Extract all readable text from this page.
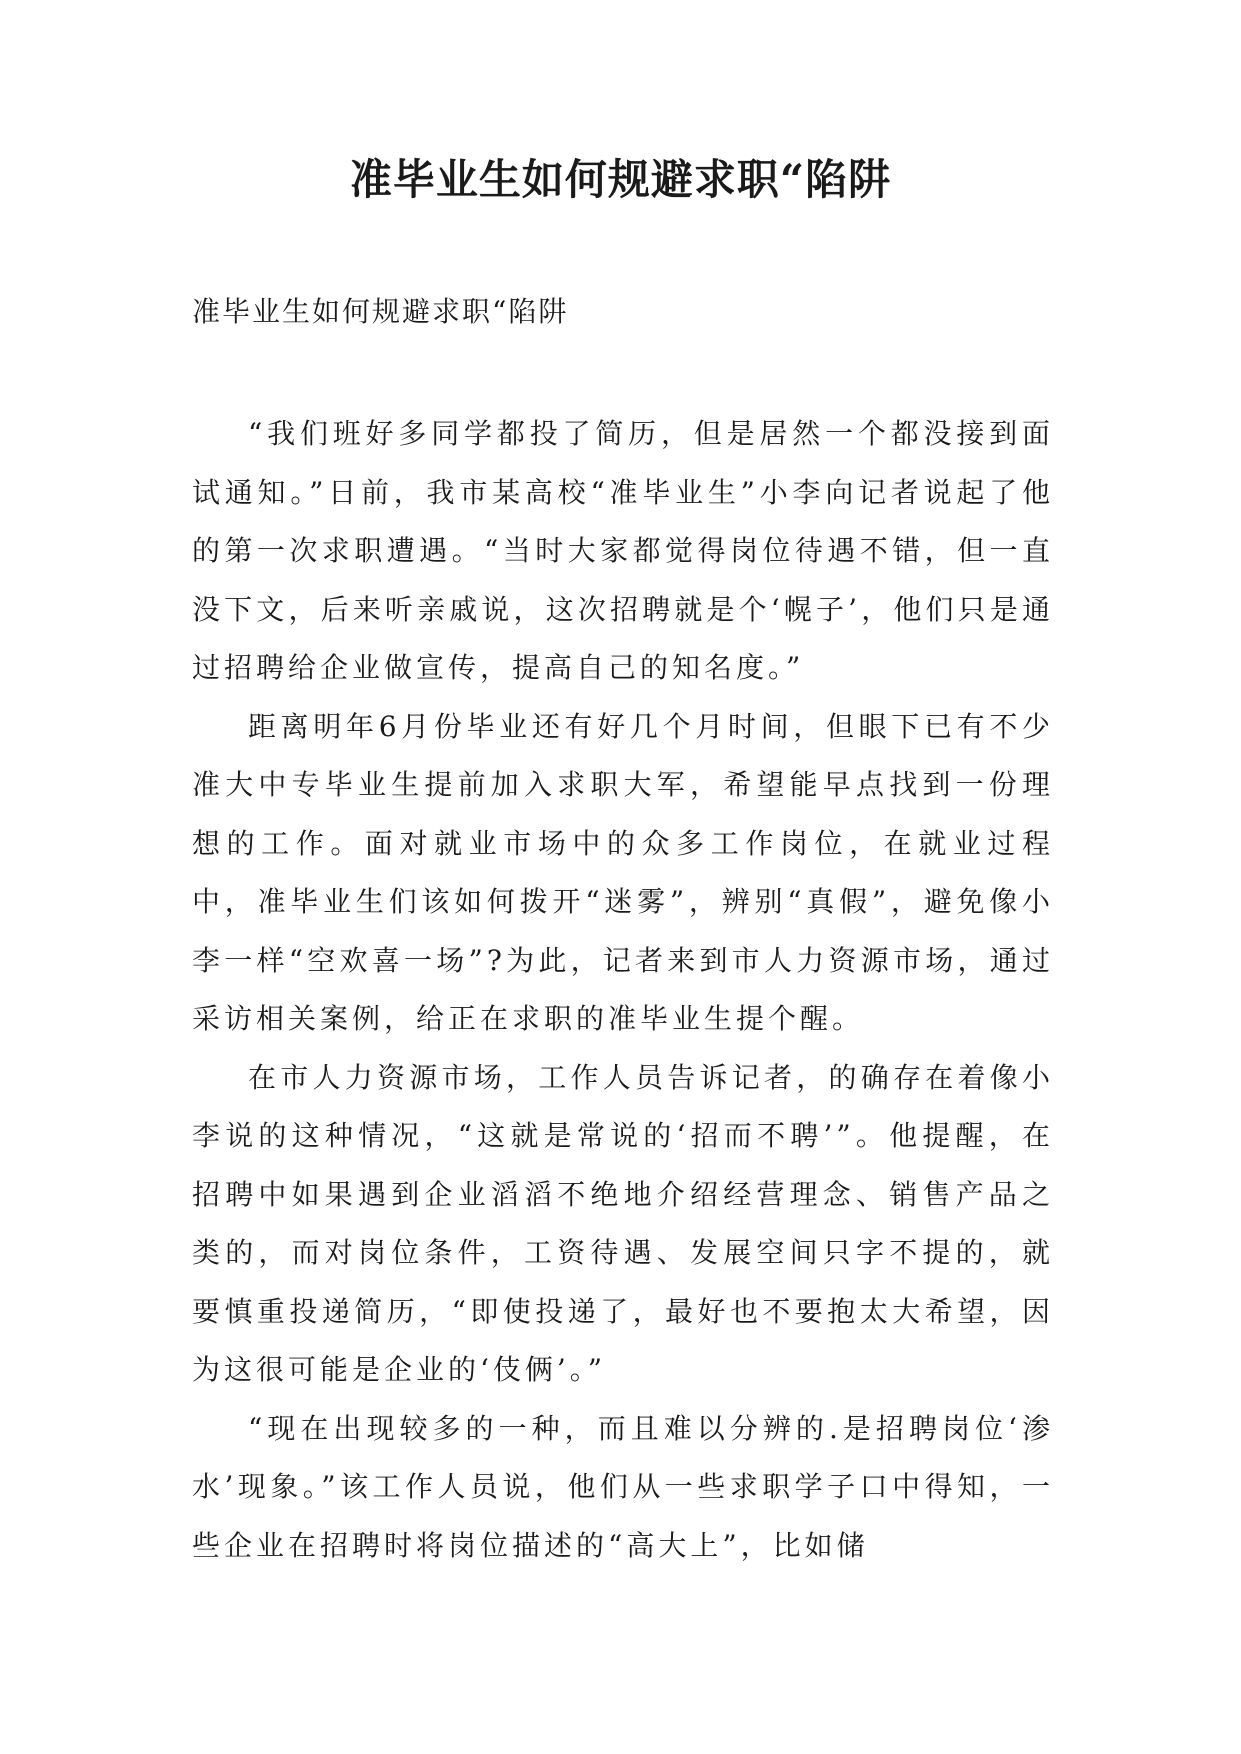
准毕业生如何规避求职“陷阱

准毕业生如何规避求职“陷阱

“我们班好多同学都投了简历，但是居然一个都没接到面试通知。”日前，我市某高校“准毕业生”小李向记者说起了他的第一次求职遭遇。“当时大家都觉得岗位待遇不错，但一直没下文，后来听亲戚说，这次招聘就是个‘幌子’，他们只是通过招聘给企业做宣传，提高自己的知名度。”

距离明年6月份毕业还有好几个月时间，但眼下已有不少准大中专毕业生提前加入求职大军，希望能早点找到一份理想的工作。面对就业市场中的众多工作岗位，在就业过程中，准毕业生们该如何拨开“迷雾”，辨别“真假”，避免像小李一样“空欢喜一场”?为此，记者来到市人力资源市场，通过采访相关案例，给正在求职的准毕业生提个醒。

在市人力资源市场，工作人员告诉记者，的确存在着像小李说的这种情况，“这就是常说的‘招而不聘’”。他提醒，在招聘中如果遇到企业滔滔不绝地介绍经营理念、销售产品之类的，而对岗位条件，工资待遇、发展空间只字不提的，就要慎重投递简历，“即使投递了，最好也不要抱太大希望，因为这很可能是企业的‘伎俩’。”

“现在出现较多的一种，而且难以分辨的.是招聘岗位‘渗水’现象。”该工作人员说，他们从一些求职学子口中得知，一些企业在招聘时将岗位描述的“高大上”，比如储
